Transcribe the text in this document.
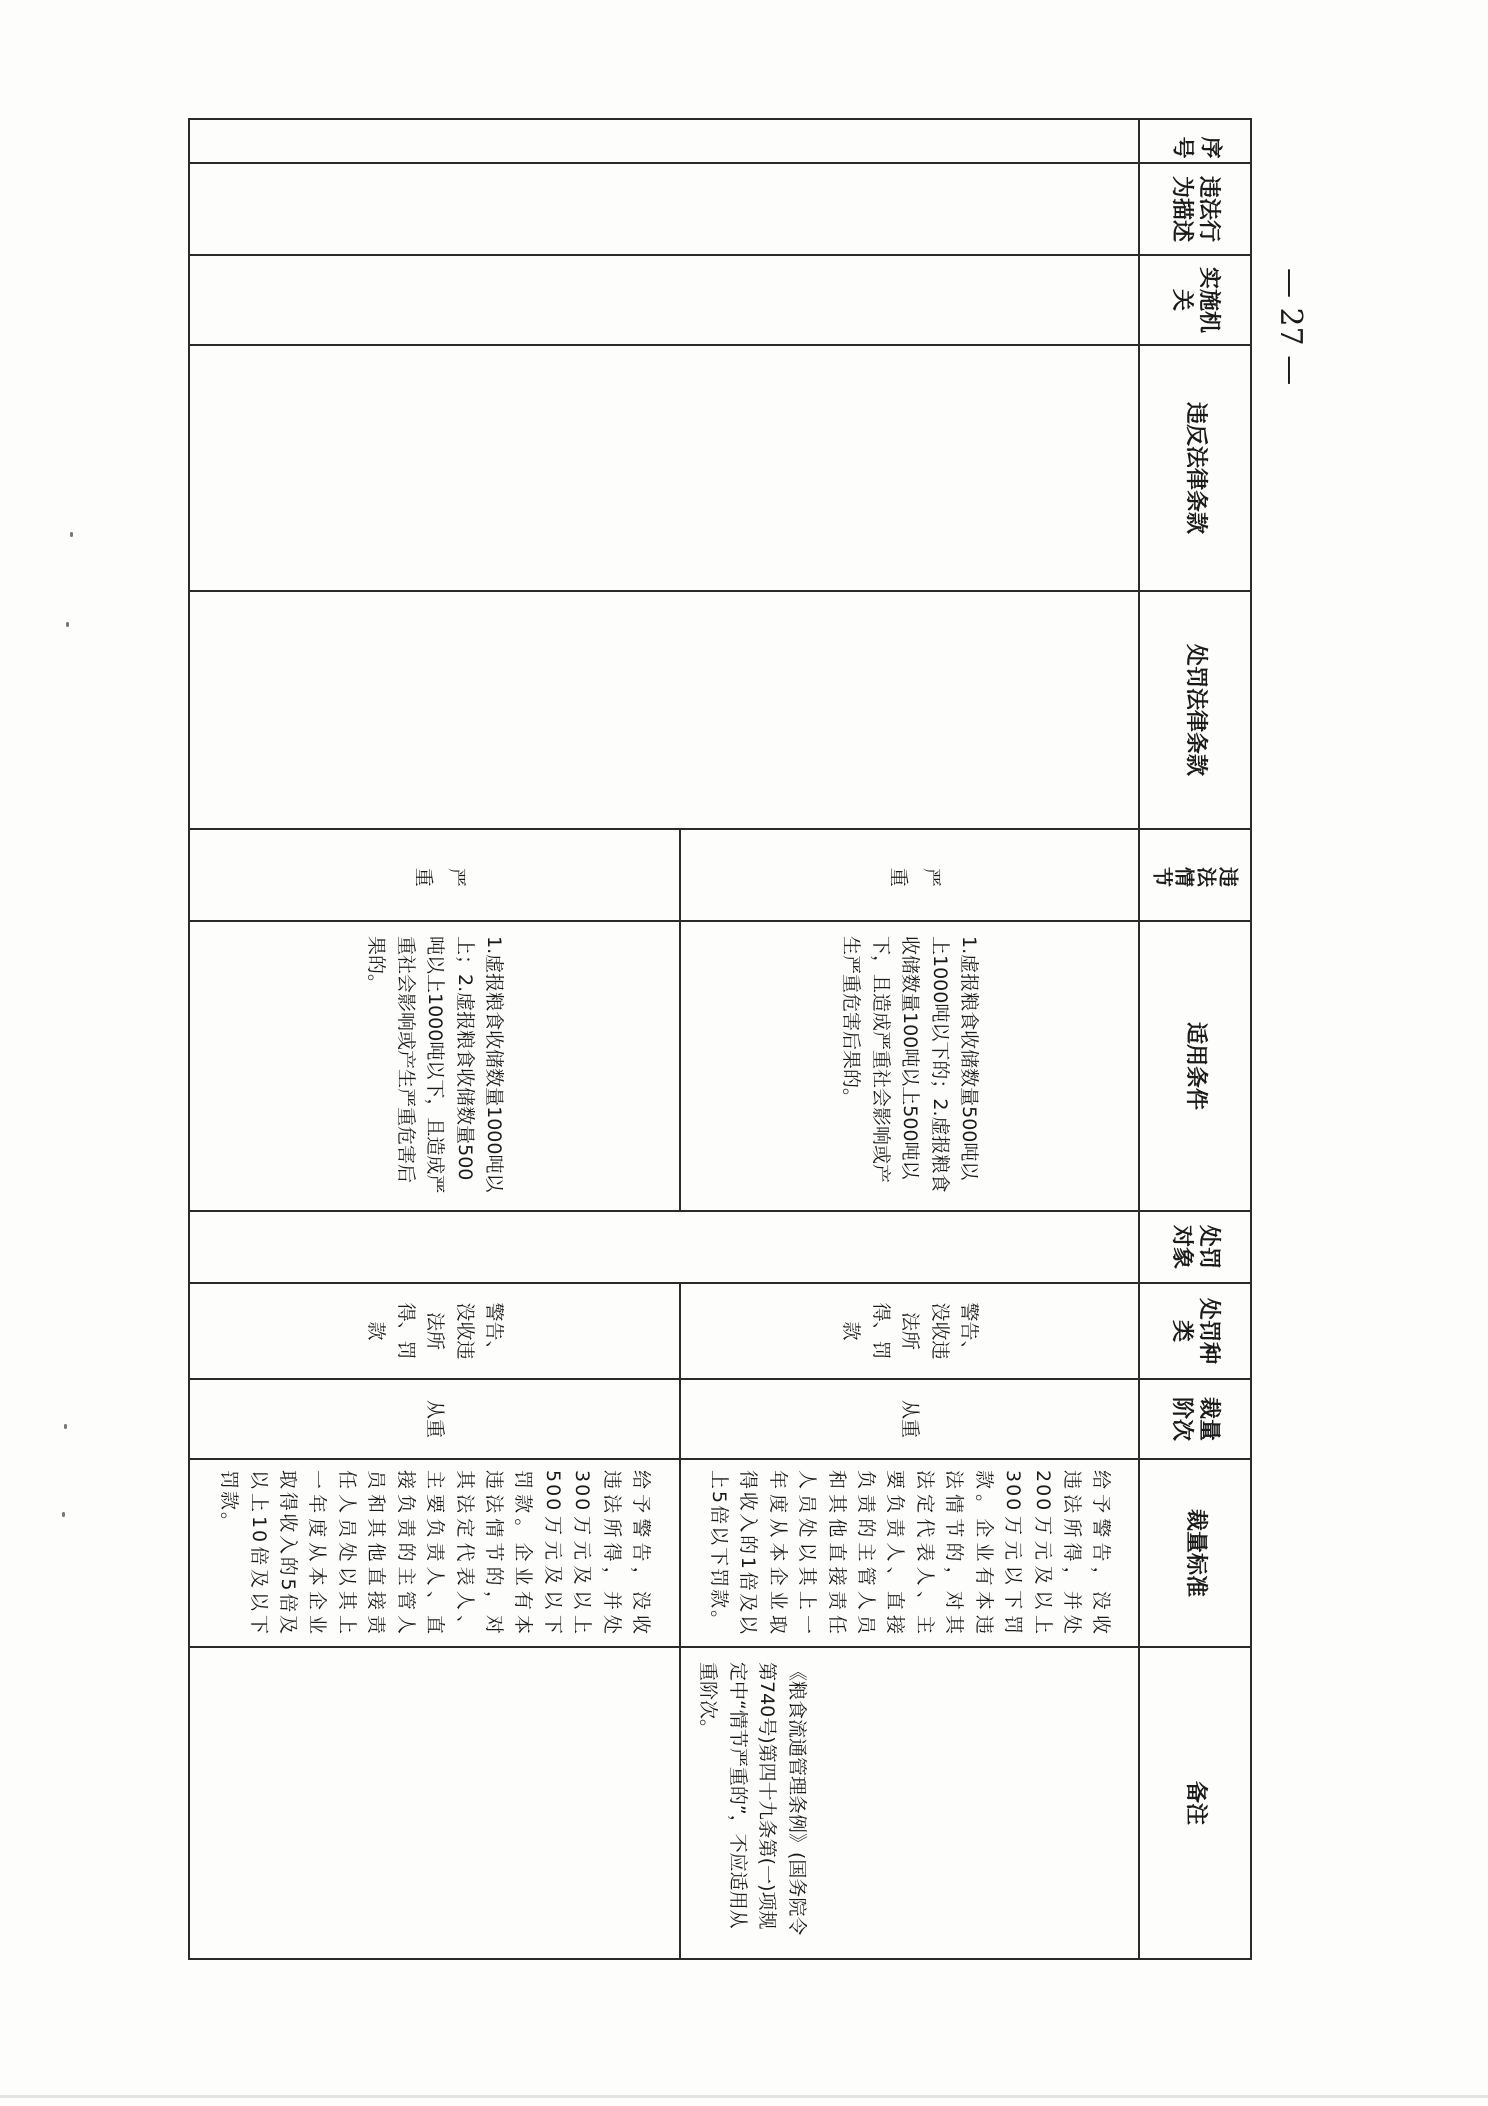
序号	违法行为描述	实施机关	违反法律条款	处罚法律条款	违法情节	适用条件	处罚对象	处罚种类	裁量阶次	裁量标准	备注

					严重	1.虚报粮食收储数量500吨以上1000吨以下的；2.虚报粮食收储数量100吨以上500吨以下，且造成严重社会影响或产生严重危害后果的。		警告、没收违法所得、罚款	从重	给予警告，没收违法所得，并处200万元及以上300万元以下罚款。企业有本违法情节的，对其法定代表人、主要负责人、直接负责的主管人员和其他直接责任人员处以其上一年度从本企业取得收入的1倍及以上5倍以下罚款。	《粮食流通管理条例》(国务院令第740号)第四十九条第(一)项规定中“情节严重的”，不应适用从重阶次。

					严重	1.虚报粮食收储数量1000吨以上；2.虚报粮食收储数量500吨以上1000吨以下，且造成严重社会影响或产生严重危害后果的。		警告、没收违法所得、罚款	从重	给予警告，没收违法所得，并处300万元及以上500万元及以下罚款。企业有本违法情节的，对其法定代表人、主要负责人、直接负责的主管人员和其他直接责任人员处以其上一年度从本企业取得收入的5倍及以上10倍及以下罚款。	
— 27 —
